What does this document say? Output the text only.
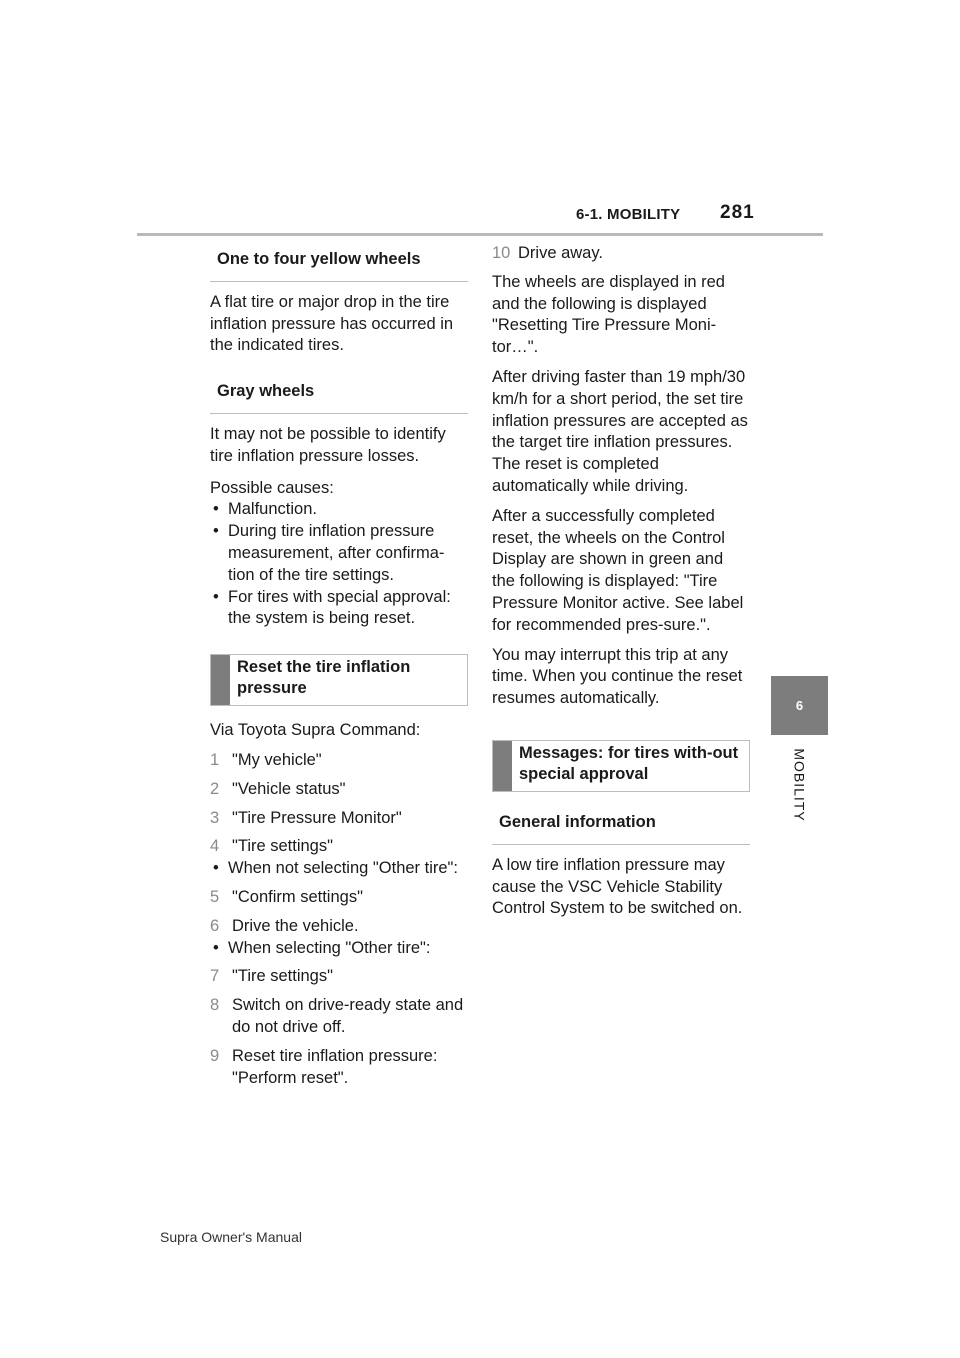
6-1. MOBILITY 281
6
MOBILITY
One to four yellow wheels

A flat tire or major drop in the tire inflation pressure has occurred in the indicated tires.

Gray wheels

It may not be possible to identify tire inflation pressure losses.

Possible causes:
• Malfunction.
• During tire inflation pressure measurement, after confirma-tion of the tire settings.
• For tires with special approval: the system is being reset.
Reset the tire inflation pressure

Via Toyota Supra Command:

1 "My vehicle"
2 "Vehicle status"
3 "Tire Pressure Monitor"
4 "Tire settings"
• When not selecting "Other tire":
5 "Confirm settings"
6 Drive the vehicle.
• When selecting "Other tire":
7 "Tire settings"
8 Switch on drive-ready state and do not drive off.
9 Reset tire inflation pressure: "Perform reset".
10 Drive away.

The wheels are displayed in red and the following is displayed "Resetting Tire Pressure Moni-tor…".

After driving faster than 19 mph/30 km/h for a short period, the set tire inflation pressures are accepted as the target tire inflation pressures. The reset is completed automatically while driving.

After a successfully completed reset, the wheels on the Control Display are shown in green and the following is displayed: "Tire Pressure Monitor active. See label for recommended pres-sure.".

You may interrupt this trip at any time. When you continue the reset resumes automatically.

Messages: for tires with-out special approval
General information

A low tire inflation pressure may cause the VSC Vehicle Stability Control System to be switched on.

Supra Owner's Manual
